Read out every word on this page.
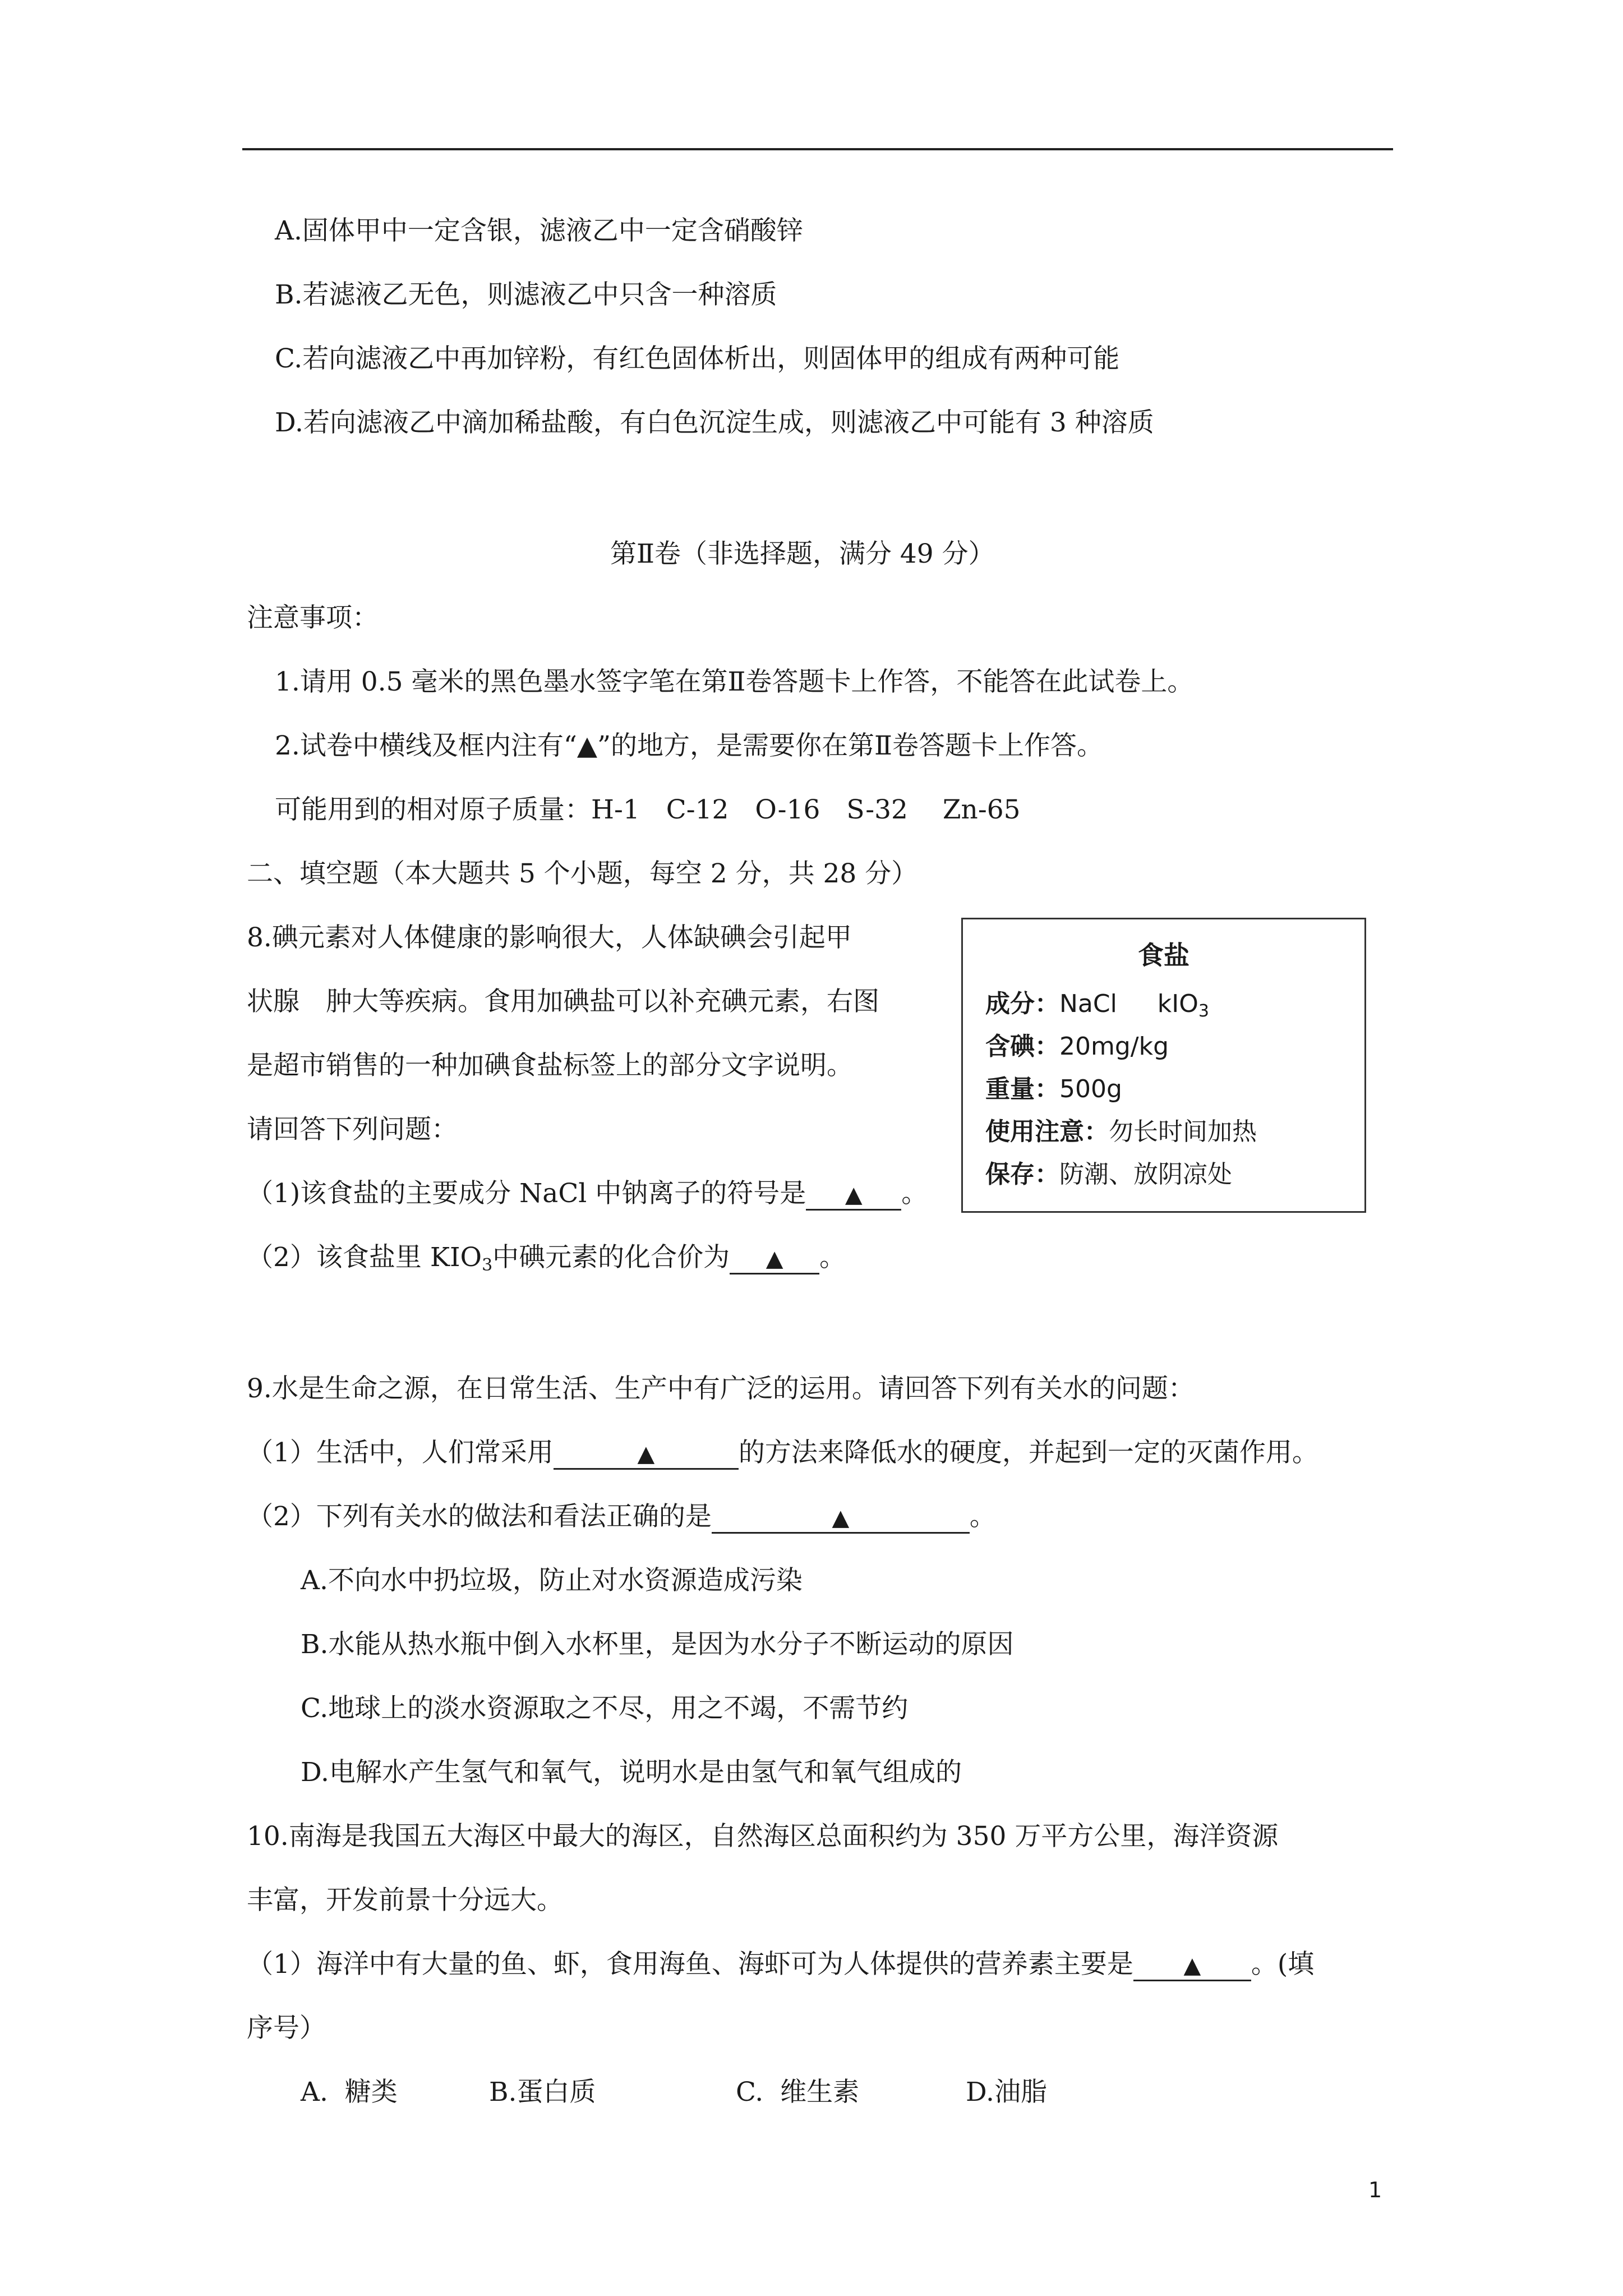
A.固体甲中一定含银，滤液乙中一定含硝酸锌
B.若滤液乙无色，则滤液乙中只含一种溶质
C.若向滤液乙中再加锌粉，有红色固体析出，则固体甲的组成有两种可能
D.若向滤液乙中滴加稀盐酸，有白色沉淀生成，则滤液乙中可能有 3 种溶质
第Ⅱ卷（非选择题，满分 49 分）
注意事项：
1.请用 0.5 毫米的黑色墨水签字笔在第Ⅱ卷答题卡上作答，不能答在此试卷上。
2.试卷中横线及框内注有“▲”的地方，是需要你在第Ⅱ卷答题卡上作答。
可能用到的相对原子质量：H-1　C-12　O-16　S-32　 Zn-65
二、填空题（本大题共 5 个小题，每空 2 分，共 28 分）
8.碘元素对人体健康的影响很大，人体缺碘会引起甲
状腺　肿大等疾病。食用加碘盐可以补充碘元素，右图
是超市销售的一种加碘食盐标签上的部分文字说明。
请回答下列问题：
（1)该食盐的主要成分 NaCl 中钠离子的符号是 ▲ 。
（2）该食盐里 $KIO_3$中碘元素的化合价为 ▲ 。
食盐
成分：NaCl　  kIO$_3$
含碘：20mg/kg
重量：500g
使用注意：勿长时间加热
保存：防潮、放阴凉处
9.水是生命之源，在日常生活、生产中有广泛的运用。请回答下列有关水的问题：
（1）生活中，人们常采用	▲	的方法来降低水的硬度，并起到一定的灭菌作用。
（2）下列有关水的做法和看法正确的是	▲	。
A.不向水中扔垃圾，防止对水资源造成污染
B.水能从热水瓶中倒入水杯里，是因为水分子不断运动的原因
C.地球上的淡水资源取之不尽，用之不竭，不需节约
D.电解水产生氢气和氧气，说明水是由氢气和氧气组成的
10.南海是我国五大海区中最大的海区，自然海区总面积约为 350 万平方公里，海洋资源
丰富，开发前景十分远大。
（1）海洋中有大量的鱼、虾，食用海鱼、海虾可为人体提供的营养素主要是 ▲ 。(填
序号）
A.  糖类	B.蛋白质	C.  维生素	D.油脂
1
